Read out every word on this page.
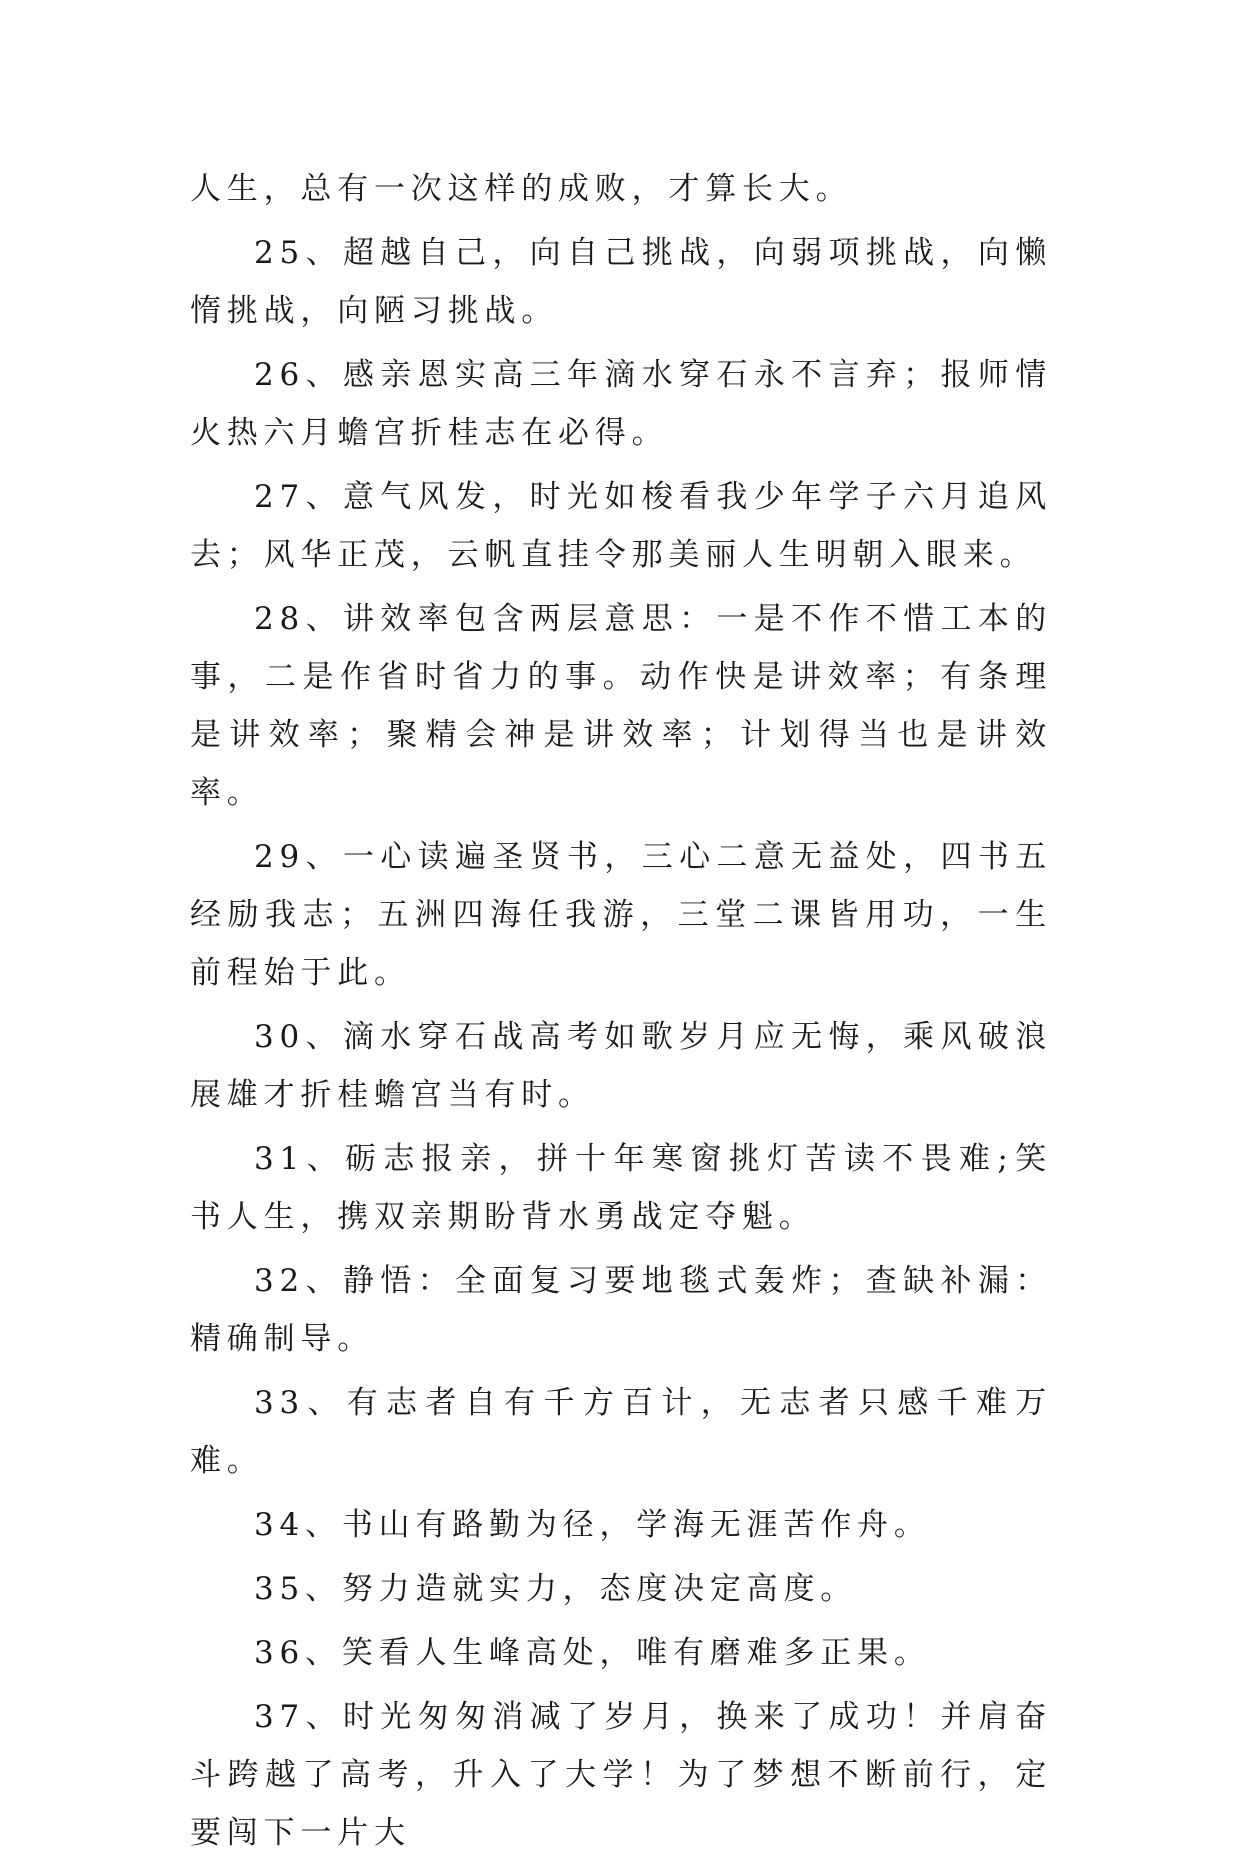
人生，总有一次这样的成败，才算长大。

25、超越自己，向自己挑战，向弱项挑战，向懒惰挑战，向陋习挑战。

26、感亲恩实高三年滴水穿石永不言弃；报师情火热六月蟾宫折桂志在必得。

27、意气风发，时光如梭看我少年学子六月追风去；风华正茂，云帆直挂令那美丽人生明朝入眼来。

28、讲效率包含两层意思：一是不作不惜工本的事，二是作省时省力的事。动作快是讲效率；有条理是讲效率；聚精会神是讲效率；计划得当也是讲效率。

29、一心读遍圣贤书，三心二意无益处，四书五经励我志；五洲四海任我游，三堂二课皆用功，一生前程始于此。

30、滴水穿石战高考如歌岁月应无悔，乘风破浪展雄才折桂蟾宫当有时。

31、砺志报亲，拼十年寒窗挑灯苦读不畏难;笑书人生，携双亲期盼背水勇战定夺魁。

32、静悟：全面复习要地毯式轰炸；查缺补漏：精确制导。

33、有志者自有千方百计，无志者只感千难万难。

34、书山有路勤为径，学海无涯苦作舟。

35、努力造就实力，态度决定高度。

36、笑看人生峰高处，唯有磨难多正果。

37、时光匆匆消减了岁月，换来了成功！并肩奋斗跨越了高考，升入了大学！为了梦想不断前行，定要闯下一片大
